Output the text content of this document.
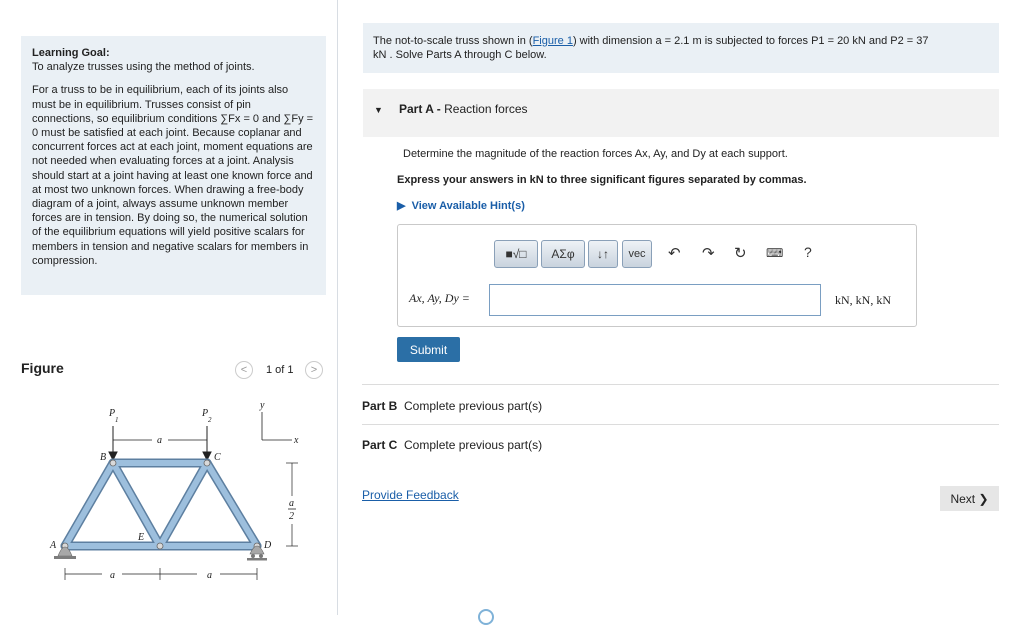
Learning Goal:

To analyze trusses using the method of joints.

For a truss to be in equilibrium, each of its joints also must be in equilibrium. Trusses consist of pin connections, so equilibrium conditions ∑Fx = 0 and ∑Fy = 0 must be satisfied at each joint. Because coplanar and concurrent forces act at each joint, moment equations are not needed when evaluating forces at a joint. Analysis should start at a joint having at least one known force and at most two unknown forces. When drawing a free-body diagram of a joint, always assume unknown member forces are in tension. By doing so, the numerical solution of the equilibrium equations will yield positive scalars for members in tension and negative scalars for members in compression.

Figure	<	1 of 1	>
P
1
P
2
a
B	C
A
E
D
y
x
a	a
a
2
The not-to-scale truss shown in (Figure 1) with dimension a = 2.1 m is subjected to forces P1 = 20 kN and P2 = 37
kN . Solve Parts A through C below.
▼ Part A - Reaction forces
Determine the magnitude of the reaction forces Ax, Ay, and Dy at each support.
Express your answers in kN to three significant figures separated by commas.
▶  View Available Hint(s)
■√□	AΣφ	↓↑	vec	↶ ↷ ↻ ⌨ ?
Ax, Ay, Dy =	kN, kN, kN
Submit
Part B Complete previous part(s)
Part C Complete previous part(s)
Provide Feedback	Next ❯
